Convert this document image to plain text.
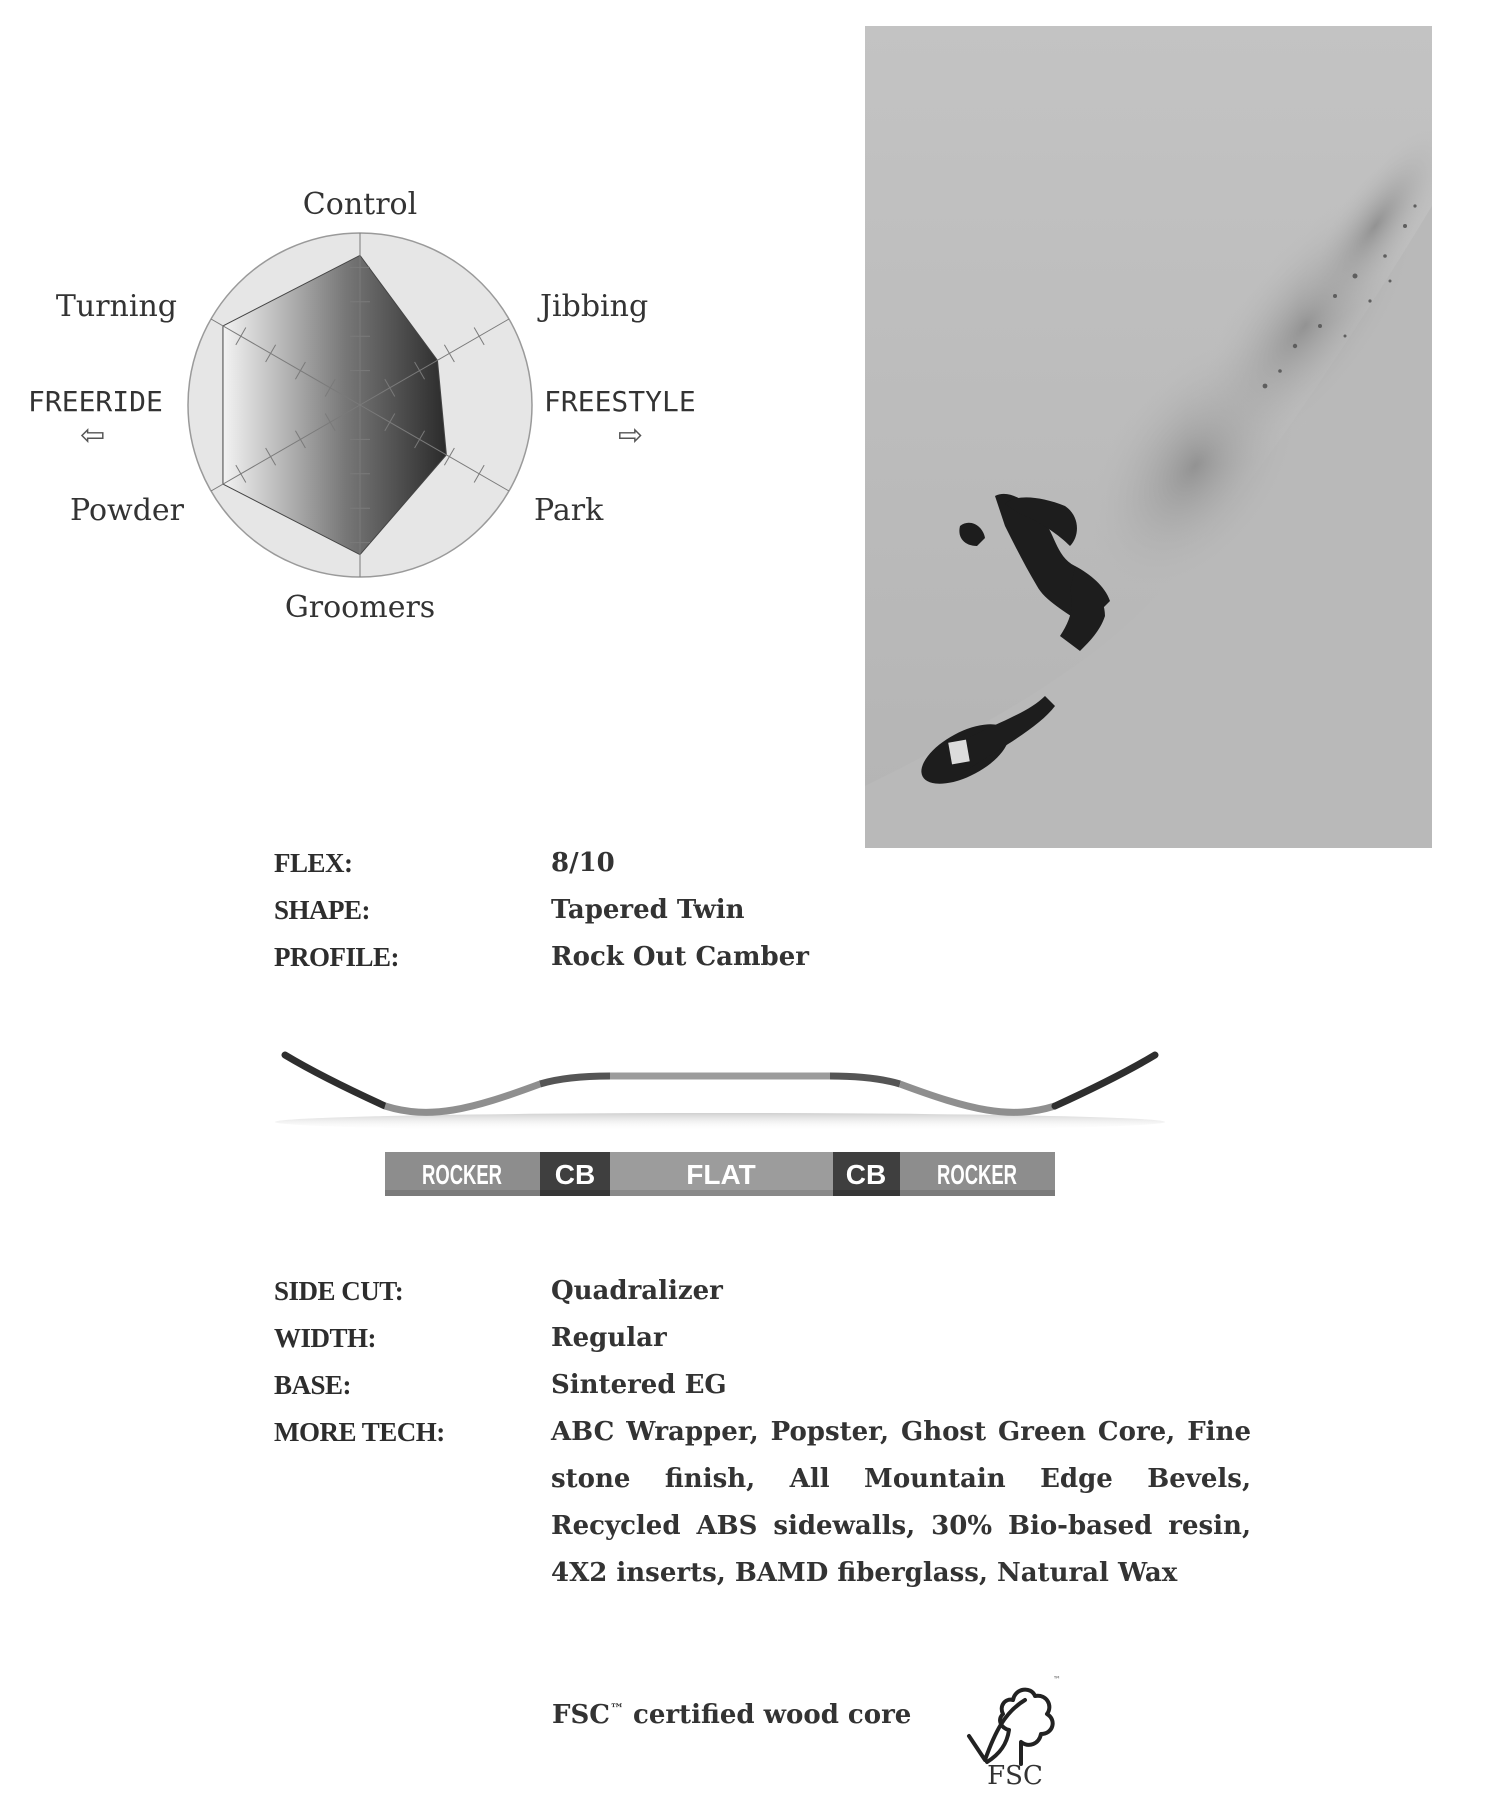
Control
Jibbing
Park
Groomers
Powder
Turning
FREERIDE
⇦
FREESTYLE
⇨
FLEX:	8/10
SHAPE:	Tapered Twin
PROFILE:	Rock Out Camber
ROCKER CB	FLAT	CB ROCKER
SIDE CUT:	Quadralizer
WIDTH:	Regular
BASE:	Sintered EG
MORE TECH:	ABC Wrapper, Popster, Ghost Green Core, Fine stone finish, All Mountain Edge Bevels, Recycled ABS sidewalls, 30% Bio-based resin, 4X2 inserts, BAMD fiberglass, Natural Wax
FSC™ certified wood core
™
FSC
